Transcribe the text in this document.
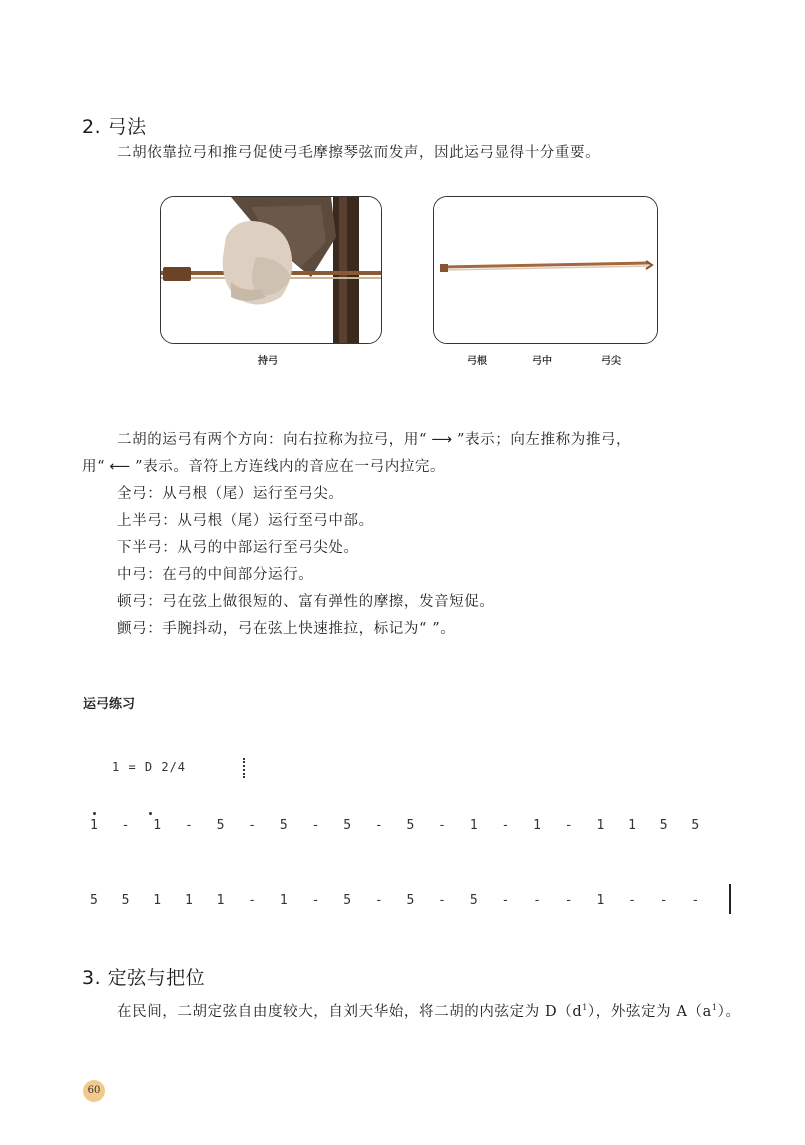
2. 弓法
二胡依靠拉弓和推弓促使弓毛摩擦琴弦而发声，因此运弓显得十分重要。
持弓	弓根	弓中	弓尖
二胡的运弓有两个方向：向右拉称为拉弓，用“ ⟶ ”表示；向左推称为推弓，
用“ ⟵ ”表示。音符上方连线内的音应在一弓内拉完。
全弓：从弓根（尾）运行至弓尖。
上半弓：从弓根（尾）运行至弓中部。
下半弓：从弓的中部运行至弓尖处。
中弓：在弓的中间部分运行。
顿弓：弓在弦上做很短的、富有弹性的摩擦，发音短促。
颤弓：手腕抖动，弓在弦上快速推拉，标记为“ ”。
运弓练习
1 = D 2/4
1 - 1 - 5 - 5 - 5 - 5 - 1 - 1 - 1 1 5 5
5 5 1 1 1 - 1 - 5 - 5 - 5 - - - 1 - - -
3. 定弦与把位
在民间，二胡定弦自由度较大，自刘天华始，将二胡的内弦定为 $D(d^1)$，外弦定为 $A(a^1)$。
60
